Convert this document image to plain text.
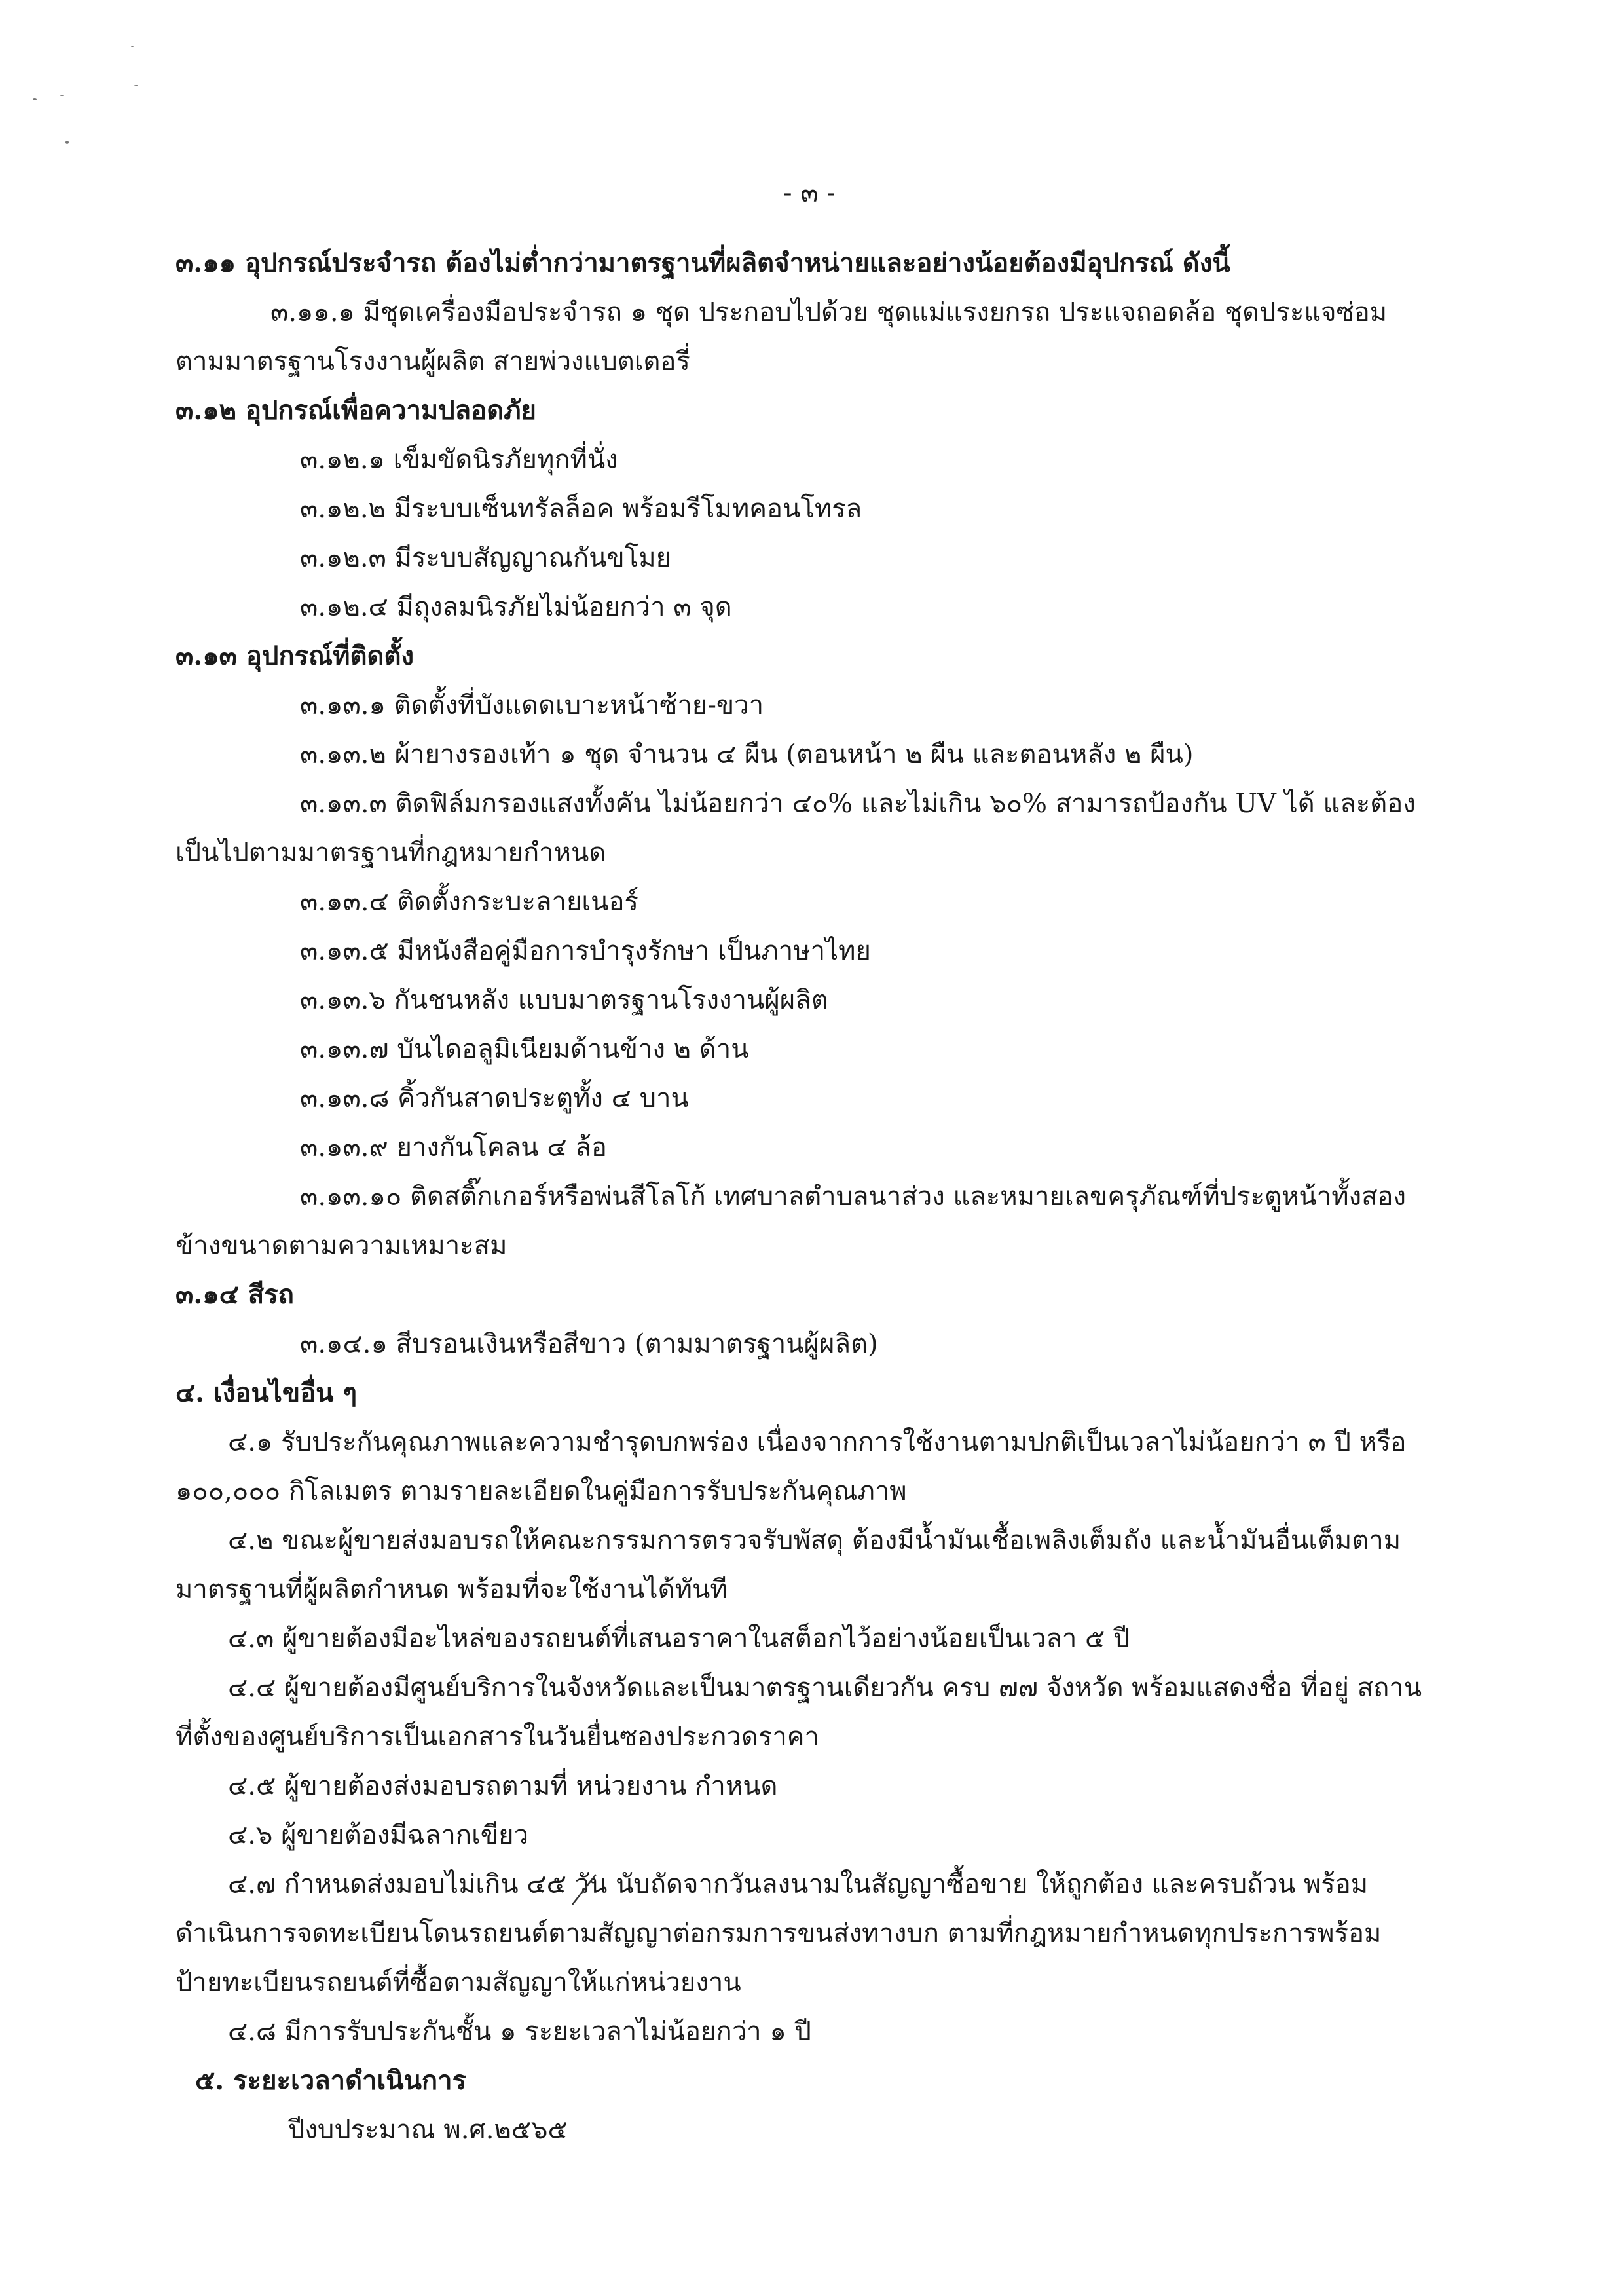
- ๓ -
๓.๑๑ อุปกรณ์ประจำรถ ต้องไม่ต่ำกว่ามาตรฐานที่ผลิตจำหน่ายและอย่างน้อยต้องมีอุปกรณ์ ดังนี้
๓.๑๑.๑ มีชุดเครื่องมือประจำรถ ๑ ชุด ประกอบไปด้วย ชุดแม่แรงยกรถ ประแจถอดล้อ ชุดประแจซ่อม
ตามมาตรฐานโรงงานผู้ผลิต สายพ่วงแบตเตอรี่
๓.๑๒ อุปกรณ์เพื่อความปลอดภัย
๓.๑๒.๑ เข็มขัดนิรภัยทุกที่นั่ง
๓.๑๒.๒ มีระบบเซ็นทรัลล็อค พร้อมรีโมทคอนโทรล
๓.๑๒.๓ มีระบบสัญญาณกันขโมย
๓.๑๒.๔ มีถุงลมนิรภัยไม่น้อยกว่า ๓ จุด
๓.๑๓ อุปกรณ์ที่ติดตั้ง
๓.๑๓.๑ ติดตั้งที่บังแดดเบาะหน้าซ้าย-ขวา
๓.๑๓.๒ ผ้ายางรองเท้า ๑ ชุด จำนวน ๔ ผืน (ตอนหน้า ๒ ผืน และตอนหลัง ๒ ผืน)
๓.๑๓.๓ ติดฟิล์มกรองแสงทั้งคัน ไม่น้อยกว่า ๔๐% และไม่เกิน ๖๐% สามารถป้องกัน UV ได้ และต้อง
เป็นไปตามมาตรฐานที่กฎหมายกำหนด
๓.๑๓.๔ ติดตั้งกระบะลายเนอร์
๓.๑๓.๕ มีหนังสือคู่มือการบำรุงรักษา เป็นภาษาไทย
๓.๑๓.๖ กันชนหลัง แบบมาตรฐานโรงงานผู้ผลิต
๓.๑๓.๗ บันไดอลูมิเนียมด้านข้าง ๒ ด้าน
๓.๑๓.๘ คิ้วกันสาดประตูทั้ง ๔ บาน
๓.๑๓.๙ ยางกันโคลน ๔ ล้อ
๓.๑๓.๑๐ ติดสติ๊กเกอร์หรือพ่นสีโลโก้ เทศบาลตำบลนาส่วง และหมายเลขครุภัณฑ์ที่ประตูหน้าทั้งสอง
ข้างขนาดตามความเหมาะสม
๓.๑๔ สีรถ
๓.๑๔.๑ สีบรอนเงินหรือสีขาว (ตามมาตรฐานผู้ผลิต)
๔. เงื่อนไขอื่น ๆ
๔.๑ รับประกันคุณภาพและความชำรุดบกพร่อง เนื่องจากการใช้งานตามปกติเป็นเวลาไม่น้อยกว่า ๓ ปี หรือ
๑๐๐,๐๐๐ กิโลเมตร ตามรายละเอียดในคู่มือการรับประกันคุณภาพ
๔.๒ ขณะผู้ขายส่งมอบรถให้คณะกรรมการตรวจรับพัสดุ ต้องมีน้ำมันเชื้อเพลิงเต็มถัง และน้ำมันอื่นเต็มตาม
มาตรฐานที่ผู้ผลิตกำหนด พร้อมที่จะใช้งานได้ทันที
๔.๓ ผู้ขายต้องมีอะไหล่ของรถยนต์ที่เสนอราคาในสต็อกไว้อย่างน้อยเป็นเวลา ๕ ปี
๔.๔ ผู้ขายต้องมีศูนย์บริการในจังหวัดและเป็นมาตรฐานเดียวกัน ครบ ๗๗ จังหวัด พร้อมแสดงชื่อ ที่อยู่ สถาน
ที่ตั้งของศูนย์บริการเป็นเอกสารในวันยื่นซองประกวดราคา
๔.๕ ผู้ขายต้องส่งมอบรถตามที่ หน่วยงาน กำหนด
๔.๖ ผู้ขายต้องมีฉลากเขียว
๔.๗ กำหนดส่งมอบไม่เกิน ๔๕ วัน นับถัดจากวันลงนามในสัญญาซื้อขาย ให้ถูกต้อง และครบถ้วน พร้อม
ดำเนินการจดทะเบียนโดนรถยนต์ตามสัญญาต่อกรมการขนส่งทางบก ตามที่กฎหมายกำหนดทุกประการพร้อม
ป้ายทะเบียนรถยนต์ที่ซื้อตามสัญญาให้แก่หน่วยงาน
๔.๘ มีการรับประกันชั้น ๑ ระยะเวลาไม่น้อยกว่า ๑ ปี
๕. ระยะเวลาดำเนินการ
ปีงบประมาณ พ.ศ.๒๕๖๕
